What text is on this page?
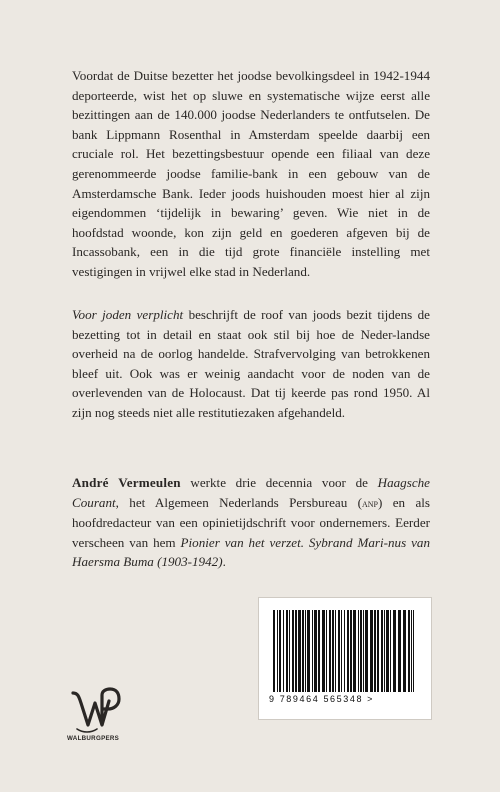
Voordat de Duitse bezetter het joodse bevolkingsdeel in 1942-1944 deporteerde, wist het op sluwe en systematische wijze eerst alle bezittingen aan de 140.000 joodse Nederlanders te ontfutselen. De bank Lippmann Rosenthal in Amsterdam speelde daarbij een cruciale rol. Het bezettingsbestuur opende een filiaal van deze gerenommeerde joodse familie-bank in een gebouw van de Amsterdamsche Bank. Ieder joods huishouden moest hier al zijn eigendommen ‘tijdelijk in bewaring’ geven. Wie niet in de hoofdstad woonde, kon zijn geld en goederen afgeven bij de Incassobank, een in die tijd grote financiële instelling met vestigingen in vrijwel elke stad in Nederland.
Voor joden verplicht beschrijft de roof van joods bezit tijdens de bezetting tot in detail en staat ook stil bij hoe de Neder-landse overheid na de oorlog handelde. Strafvervolging van betrokkenen bleef uit. Ook was er weinig aandacht voor de noden van de overlevenden van de Holocaust. Dat tij keerde pas rond 1950. Al zijn nog steeds niet alle restitutiezaken afgehandeld.
André Vermeulen werkte drie decennia voor de Haagsche Courant, het Algemeen Nederlands Persbureau (anp) en als hoofdredacteur van een opinietijdschrift voor ondernemers. Eerder verscheen van hem Pionier van het verzet. Sybrand Mari-nus van Haersma Buma (1903-1942).
9 789464 565348 >
WALBURGPERS
